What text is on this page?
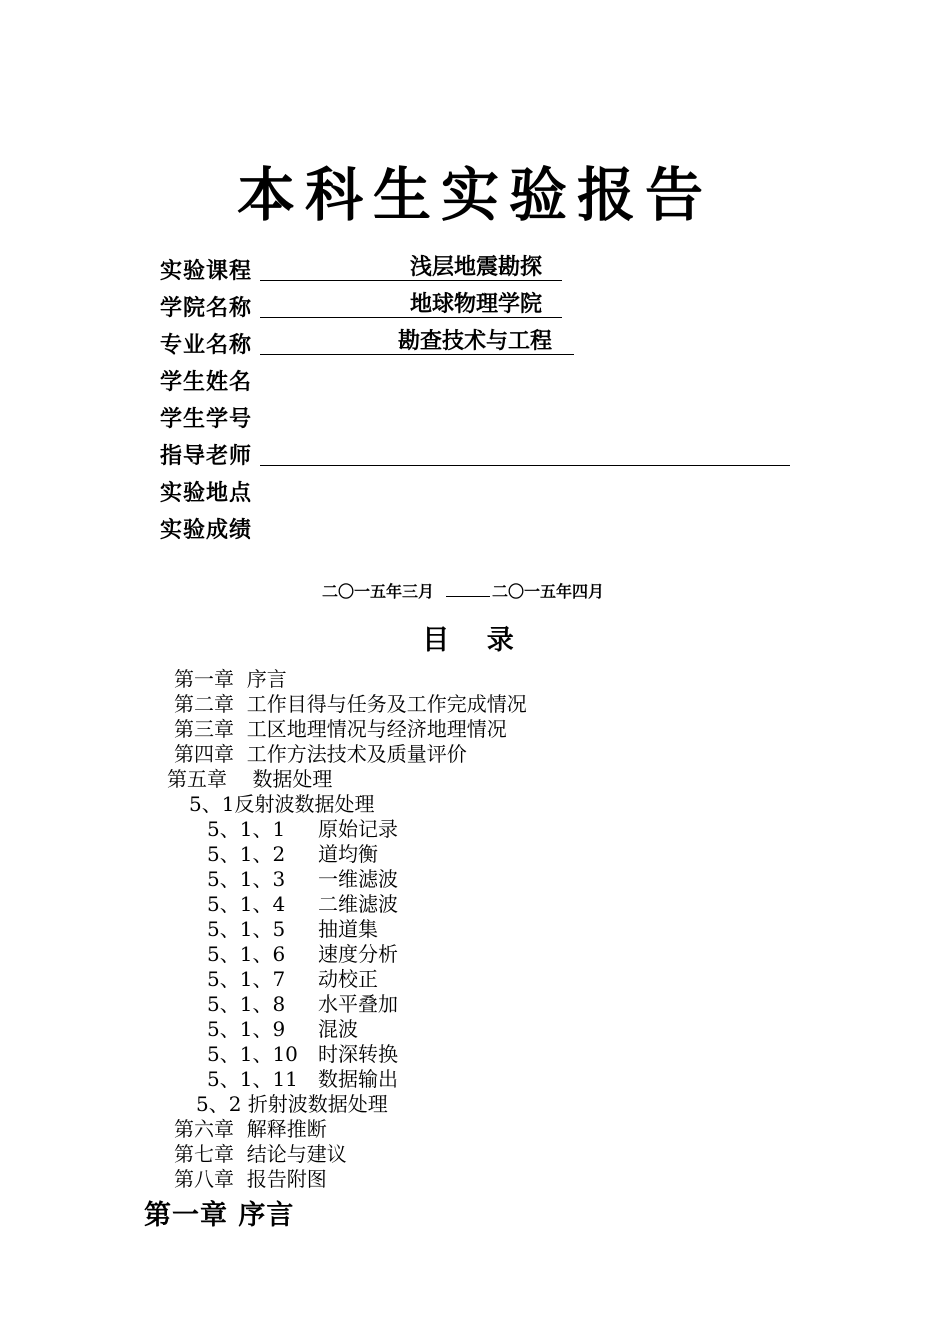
本科生实验报告
实验课程	浅层地震勘探
学院名称	地球物理学院
专业名称	勘查技术与工程
学生姓名
学生学号
指导老师
实验地点
实验成绩
二〇一五年三月	二〇一五年四月
目 录
第一章 序言
第二章 工作目得与任务及工作完成情况
第三章 工区地理情况与经济地理情况
第四章 工作方法技术及质量评价
第五章 数据处理
5、1反射波数据处理
5、1、1 原始记录
5、1、2 道均衡
5、1、3 一维滤波
5、1、4 二维滤波
5、1、5 抽道集
5、1、6 速度分析
5、1、7 动校正
5、1、8 水平叠加
5、1、9 混波
5、1、10 时深转换
5、1、11 数据输出
5、2 折射波数据处理
第六章 解释推断
第七章 结论与建议
第八章 报告附图
第一章 序言
